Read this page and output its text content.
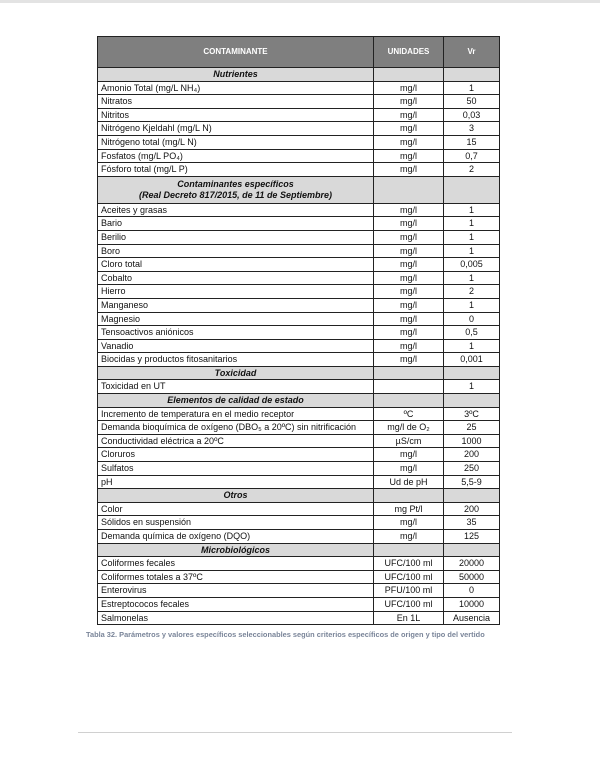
CONTAMINANTE	UNIDADES	Vr
Nutrientes		
Amonio Total (mg/L NH₄)	mg/l	1
Nitratos	mg/l	50
Nitritos	mg/l	0,03
Nitrógeno Kjeldahl (mg/L N)	mg/l	3
Nitrógeno total (mg/L N)	mg/l	15
Fosfatos (mg/L PO₄)	mg/l	0,7
Fósforo total (mg/L P)	mg/l	2

Contaminantes específicos
(Real Decreto 817/2015, de 11 de Septiembre)		

Aceites y grasas	mg/l	1
Bario	mg/l	1
Berilio	mg/l	1
Boro	mg/l	1
Cloro total	mg/l	0,005
Cobalto	mg/l	1
Hierro	mg/l	2
Manganeso	mg/l	1
Magnesio	mg/l	0
Tensoactivos aniónicos	mg/l	0,5
Vanadio	mg/l	1
Biocidas y productos fitosanitarios	mg/l	0,001
Toxicidad		
Toxicidad en UT		1
Elementos de calidad de estado		
Incremento de temperatura en el medio receptor	ºC	3ºC
Demanda bioquímica de oxígeno (DBO₅ a 20ºC) sin nitrificación	mg/l de O₂	25
Conductividad eléctrica a 20ºC	µS/cm	1000
Cloruros	mg/l	200
Sulfatos	mg/l	250
pH	Ud de pH	5,5-9
Otros		
Color	mg Pt/l	200
Sólidos en suspensión	mg/l	35
Demanda química de oxígeno (DQO)	mg/l	125
Microbiológicos		
Coliformes fecales	UFC/100 ml	20000
Coliformes totales a 37ºC	UFC/100 ml	50000
Enterovirus	PFU/100 ml	0
Estreptococos fecales	UFC/100 ml	10000
Salmonelas	En 1L	Ausencia
Tabla 32. Parámetros y valores específicos seleccionables según criterios específicos de origen y tipo del vertido
